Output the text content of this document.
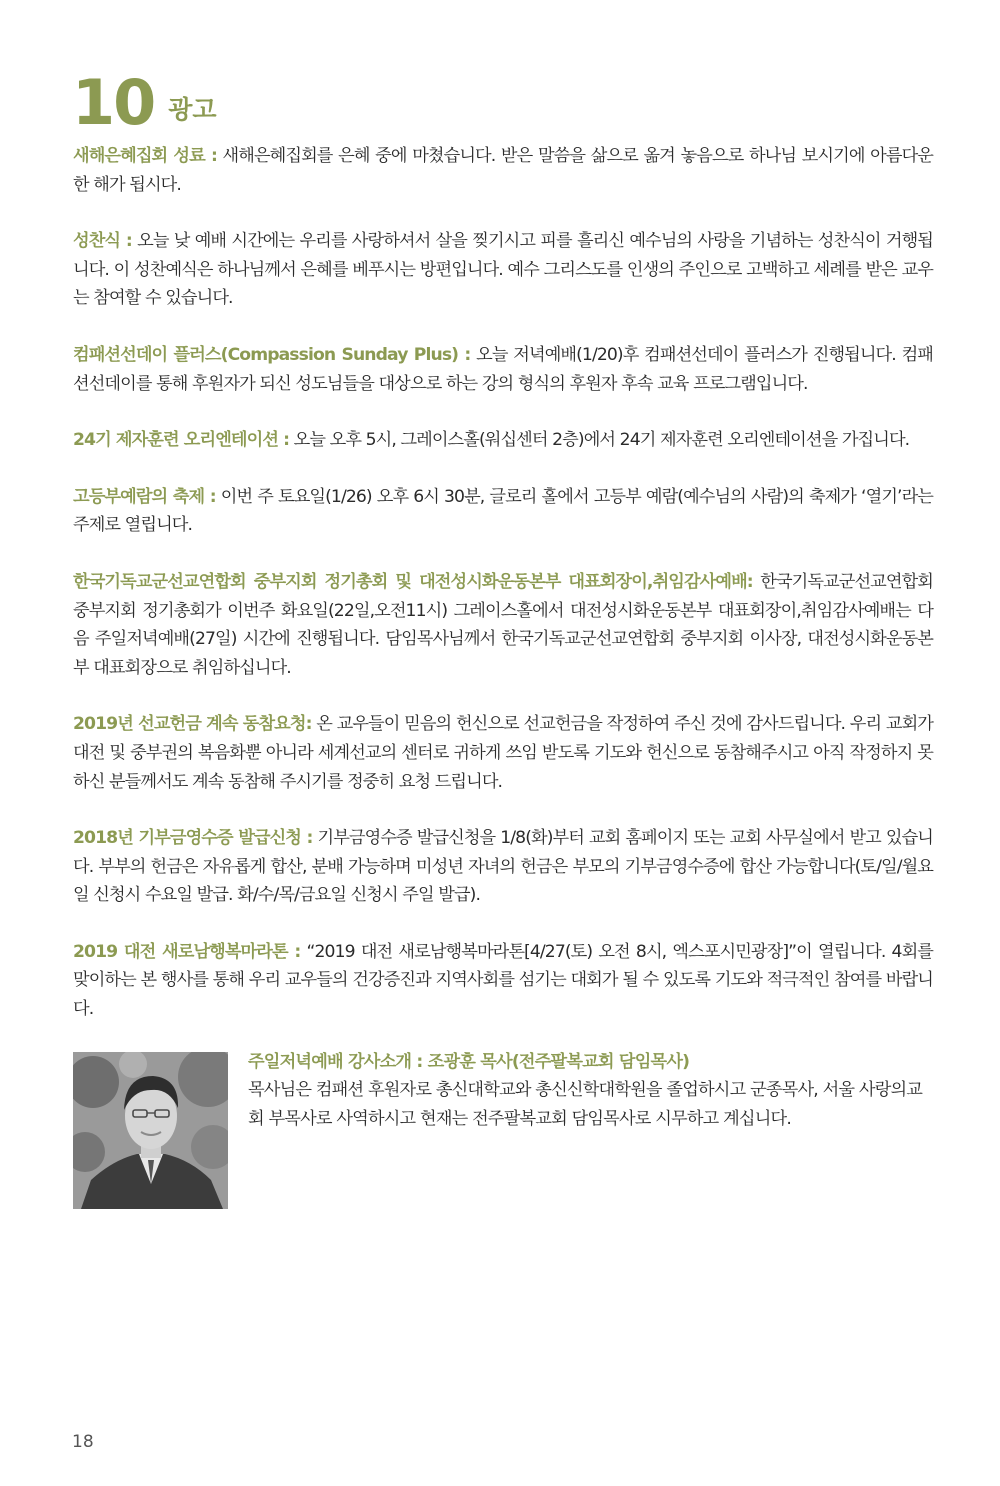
10 광고

새해은혜집회 성료 : 새해은혜집회를 은혜 중에 마쳤습니다. 받은 말씀을 삶으로 옮겨 놓음으로 하나님 보시기에 아름다운 한 해가 됩시다.

성찬식 : 오늘 낮 예배 시간에는 우리를 사랑하셔서 살을 찢기시고 피를 흘리신 예수님의 사랑을 기념하는 성찬식이 거행됩니다. 이 성찬예식은 하나님께서 은혜를 베푸시는 방편입니다. 예수 그리스도를 인생의 주인으로 고백하고 세례를 받은 교우는 참여할 수 있습니다.

컴패션선데이 플러스(Compassion Sunday Plus) : 오늘 저녁예배(1/20)후 컴패션선데이 플러스가 진행됩니다. 컴패션선데이를 통해 후원자가 되신 성도님들을 대상으로 하는 강의 형식의 후원자 후속 교육 프로그램입니다.

24기 제자훈련 오리엔테이션 : 오늘 오후 5시, 그레이스홀(워십센터 2층)에서 24기 제자훈련 오리엔테이션을 가집니다.

고등부예람의 축제 : 이번 주 토요일(1/26) 오후 6시 30분, 글로리 홀에서 고등부 예람(예수님의 사람)의 축제가 ‘열기’라는 주제로 열립니다.

한국기독교군선교연합회 중부지회 정기총회 및 대전성시화운동본부 대표회장이,취임감사예배: 한국기독교군선교연합회 중부지회 정기총회가 이번주 화요일(22일,오전11시) 그레이스홀에서 대전성시화운동본부 대표회장이,취임감사예배는 다음 주일저녁예배(27일) 시간에 진행됩니다. 담임목사님께서 한국기독교군선교연합회 중부지회 이사장, 대전성시화운동본부 대표회장으로 취임하십니다.

2019년 선교헌금 계속 동참요청: 온 교우들이 믿음의 헌신으로 선교헌금을 작정하여 주신 것에 감사드립니다. 우리 교회가 대전 및 중부권의 복음화뿐 아니라 세계선교의 센터로 귀하게 쓰임 받도록 기도와 헌신으로 동참해주시고 아직 작정하지 못하신 분들께서도 계속 동참해 주시기를 정중히 요청 드립니다.

2018년 기부금영수증 발급신청 : 기부금영수증 발급신청을 1/8(화)부터 교회 홈페이지 또는 교회 사무실에서 받고 있습니다. 부부의 헌금은 자유롭게 합산, 분배 가능하며 미성년 자녀의 헌금은 부모의 기부금영수증에 합산 가능합니다(토/일/월요일 신청시 수요일 발급. 화/수/목/금요일 신청시 주일 발급).

2019 대전 새로남행복마라톤 : “2019 대전 새로남행복마라톤[4/27(토) 오전 8시, 엑스포시민광장]”이 열립니다. 4회를 맞이하는 본 행사를 통해 우리 교우들의 건강증진과 지역사회를 섬기는 대회가 될 수 있도록 기도와 적극적인 참여를 바랍니다.

주일저녁예배 강사소개 : 조광훈 목사(전주팔복교회 담임목사)
목사님은 컴패션 후원자로 총신대학교와 총신신학대학원을 졸업하시고 군종목사, 서울 사랑의교회 부목사로 사역하시고 현재는 전주팔복교회 담임목사로 시무하고 계십니다.
18
